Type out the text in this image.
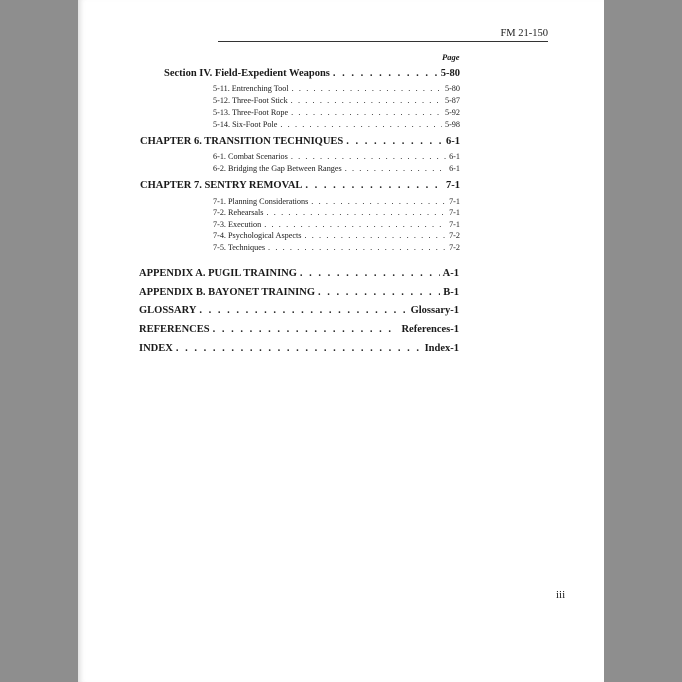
FM 21-150
Page
Section IV. Field-Expedient Weapons . . .	5-80
5-11. Entrenching Tool . . .	5-80
5-12. Three-Foot Stick . . .	5-87
5-13. Three-Foot Rope . . .	5-92
5-14. Six-Foot Pole . . .	5-98
CHAPTER 6. TRANSITION TECHNIQUES . . .	6-1
6-1. Combat Scenarios . . .	6-1
6-2. Bridging the Gap Between Ranges . . .	6-1
CHAPTER 7. SENTRY REMOVAL . . .	7-1
7-1. Planning Considerations . . .	7-1
7-2. Rehearsals . . .	7-1
7-3. Execution . . .	7-1
7-4. Psychological Aspects . . .	7-2
7-5. Techniques . . .	7-2
APPENDIX A. PUGIL TRAINING . . .	A-1
APPENDIX B. BAYONET TRAINING . . .	B-1
GLOSSARY . . .	Glossary-1
REFERENCES . . .	References-1
INDEX . . .	Index-1
iii
